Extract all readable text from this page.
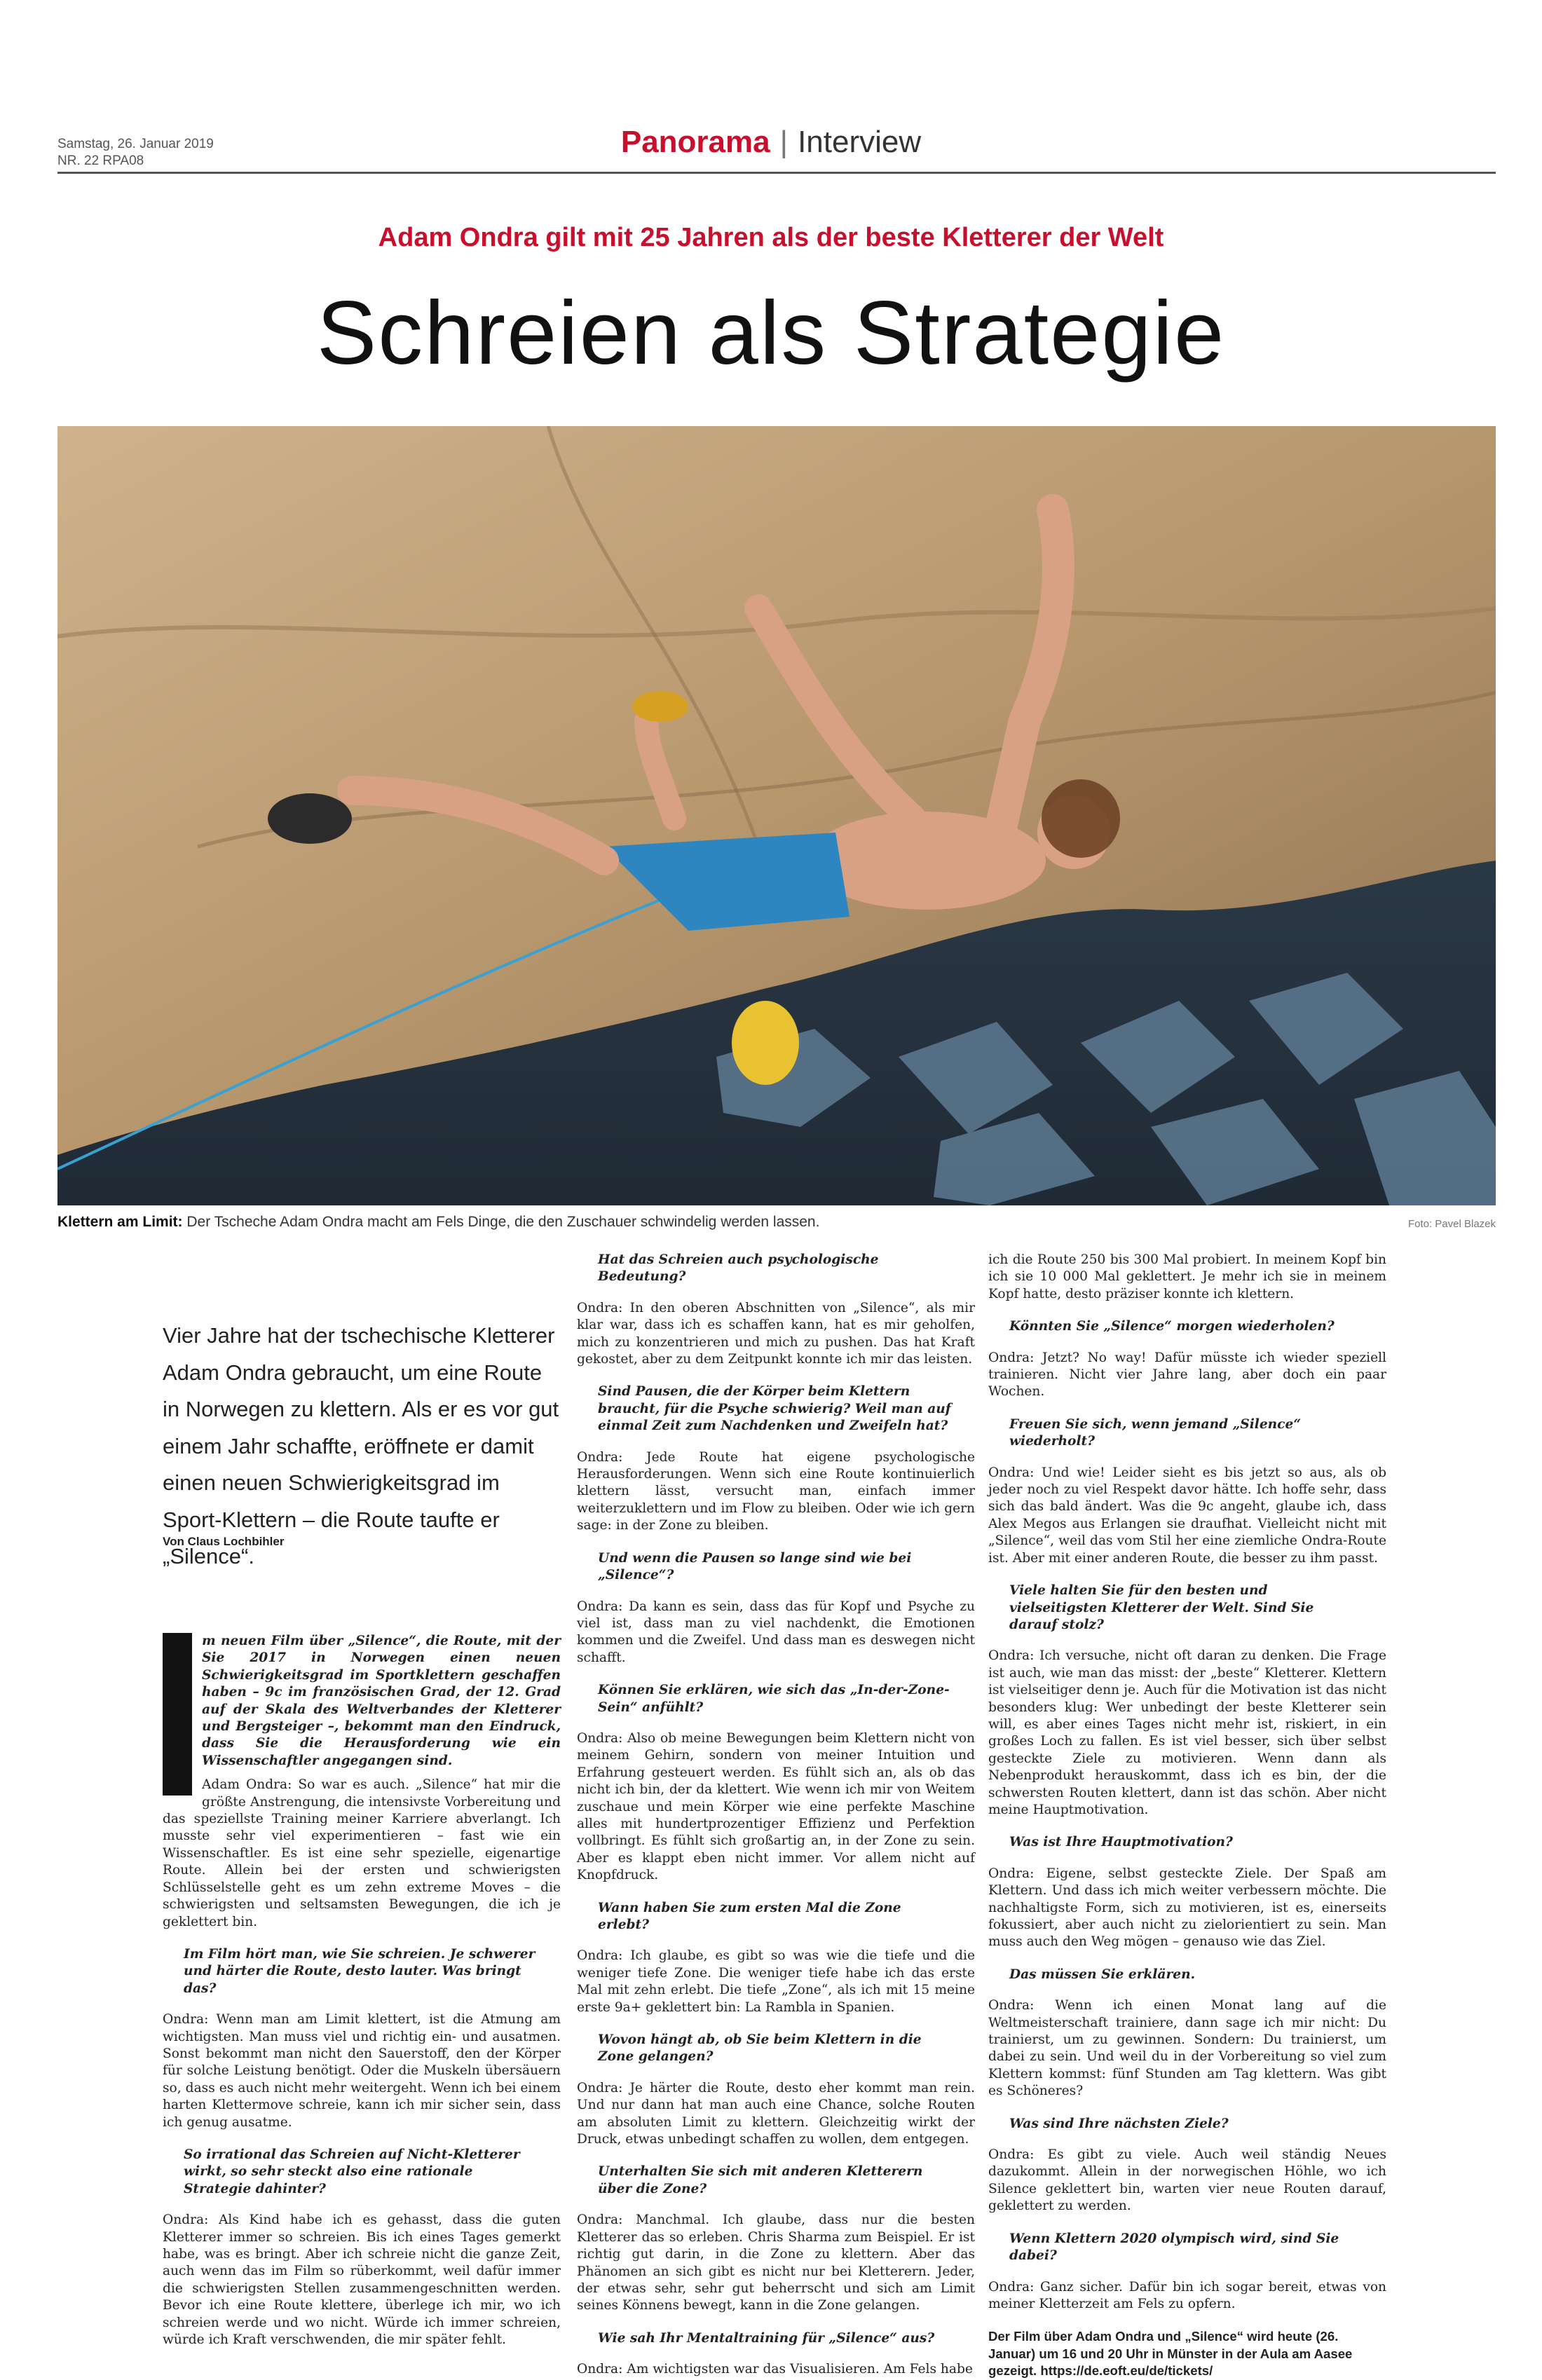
Samstag, 26. Januar 2019
NR. 22 RPA08
Panorama | Interview
Adam Ondra gilt mit 25 Jahren als der beste Kletterer der Welt
Schreien als Strategie
Klettern am Limit: Der Tscheche Adam Ondra macht am Fels Dinge, die den Zuschauer schwindelig werden lassen.	Foto: Pavel Blazek
Vier Jahre hat der tschechische Kletterer Adam Ondra gebraucht, um eine Route in Norwegen zu klettern. Als er es vor gut einem Jahr schaffte, eröffnete er damit einen neuen Schwierigkeitsgrad im Sport-Klettern – die Route taufte er „Silence“.
Von Claus Lochbihler

m neuen Film über „Silence“, die Route, mit der Sie 2017 in Norwegen einen neuen Schwierigkeitsgrad im Sportklettern geschaffen haben – 9c im französischen Grad, der 12. Grad auf der Skala des Weltverbandes der Kletterer und Bergsteiger –, bekommt man den Eindruck, dass Sie die Herausforderung wie ein Wissenschaftler angegangen sind.

Adam Ondra: So war es auch. „Silence“ hat mir die größte Anstrengung, die intensivste Vorbereitung und das speziellste Training meiner Karriere abverlangt. Ich musste sehr viel experimentieren – fast wie ein Wissenschaftler. Es ist eine sehr spezielle, eigenartige Route. Allein bei der ersten und schwierigsten Schlüsselstelle geht es um zehn extreme Moves – die schwierigsten und seltsamsten Bewegungen, die ich je geklettert bin.

Im Film hört man, wie Sie schreien. Je schwerer und härter die Route, desto lauter. Was bringt das?

Ondra: Wenn man am Limit klettert, ist die Atmung am wichtigsten. Man muss viel und richtig ein- und ausatmen. Sonst bekommt man nicht den Sauerstoff, den der Körper für solche Leistung benötigt. Oder die Muskeln übersäuern so, dass es auch nicht mehr weitergeht. Wenn ich bei einem harten Klettermove schreie, kann ich mir sicher sein, dass ich genug ausatme.

So irrational das Schreien auf Nicht-Kletterer wirkt, so sehr steckt also eine rationale Strategie dahinter?

Ondra: Als Kind habe ich es gehasst, dass die guten Kletterer immer so schreien. Bis ich eines Tages gemerkt habe, was es bringt. Aber ich schreie nicht die ganze Zeit, auch wenn das im Film so rüberkommt, weil dafür immer die schwierigsten Stellen zusammengeschnitten werden. Bevor ich eine Route klettere, überlege ich mir, wo ich schreien werde und wo nicht. Würde ich immer schreien, würde ich Kraft verschwenden, die mir später fehlt.

Hat das Schreien auch psychologische Bedeutung?

Ondra: In den oberen Abschnitten von „Silence“, als mir klar war, dass ich es schaffen kann, hat es mir geholfen, mich zu konzentrieren und mich zu pushen. Das hat Kraft gekostet, aber zu dem Zeitpunkt konnte ich mir das leisten.

Sind Pausen, die der Körper beim Klettern braucht, für die Psyche schwierig? Weil man auf einmal Zeit zum Nachdenken und Zweifeln hat?

Ondra: Jede Route hat eigene psychologische Herausforderungen. Wenn sich eine Route kontinuierlich klettern lässt, versucht man, einfach immer weiterzuklettern und im Flow zu bleiben. Oder wie ich gern sage: in der Zone zu bleiben.

Und wenn die Pausen so lange sind wie bei „Silence“?

Ondra: Da kann es sein, dass das für Kopf und Psyche zu viel ist, dass man zu viel nachdenkt, die Emotionen kommen und die Zweifel. Und dass man es deswegen nicht schafft.

Können Sie erklären, wie sich das „In-der-Zone-Sein“ anfühlt?

Ondra: Also ob meine Bewegungen beim Klettern nicht von meinem Gehirn, sondern von meiner Intuition und Erfahrung gesteuert werden. Es fühlt sich an, als ob das nicht ich bin, der da klettert. Wie wenn ich mir von Weitem zuschaue und mein Körper wie eine perfekte Maschine alles mit hundertprozentiger Effizienz und Perfektion vollbringt. Es fühlt sich großartig an, in der Zone zu sein. Aber es klappt eben nicht immer. Vor allem nicht auf Knopfdruck.

Wann haben Sie zum ersten Mal die Zone erlebt?

Ondra: Ich glaube, es gibt so was wie die tiefe und die weniger tiefe Zone. Die weniger tiefe habe ich das erste Mal mit zehn erlebt. Die tiefe „Zone“, als ich mit 15 meine erste 9a+ geklettert bin: La Rambla in Spanien.

Wovon hängt ab, ob Sie beim Klettern in die Zone gelangen?

Ondra: Je härter die Route, desto eher kommt man rein. Und nur dann hat man auch eine Chance, solche Routen am absoluten Limit zu klettern. Gleichzeitig wirkt der Druck, etwas unbedingt schaffen zu wollen, dem entgegen.

Unterhalten Sie sich mit anderen Kletterern über die Zone?

Ondra: Manchmal. Ich glaube, dass nur die besten Kletterer das so erleben. Chris Sharma zum Beispiel. Er ist richtig gut darin, in die Zone zu klettern. Aber das Phänomen an sich gibt es nicht nur bei Kletterern. Jeder, der etwas sehr, sehr gut beherrscht und sich am Limit seines Könnens bewegt, kann in die Zone gelangen.

Wie sah Ihr Mentaltraining für „Silence“ aus?

Ondra: Am wichtigsten war das Visualisieren. Am Fels habe

ich die Route 250 bis 300 Mal probiert. In meinem Kopf bin ich sie 10 000 Mal geklettert. Je mehr ich sie in meinem Kopf hatte, desto präziser konnte ich klettern.

Könnten Sie „Silence“ morgen wiederholen?

Ondra: Jetzt? No way! Dafür müsste ich wieder speziell trainieren. Nicht vier Jahre lang, aber doch ein paar Wochen.

Freuen Sie sich, wenn jemand „Silence“ wiederholt?

Ondra: Und wie! Leider sieht es bis jetzt so aus, als ob jeder noch zu viel Respekt davor hätte. Ich hoffe sehr, dass sich das bald ändert. Was die 9c angeht, glaube ich, dass Alex Megos aus Erlangen sie draufhat. Vielleicht nicht mit „Silence“, weil das vom Stil her eine ziemliche Ondra-Route ist. Aber mit einer anderen Route, die besser zu ihm passt.

Viele halten Sie für den besten und vielseitigsten Kletterer der Welt. Sind Sie darauf stolz?

Ondra: Ich versuche, nicht oft daran zu denken. Die Frage ist auch, wie man das misst: der „beste“ Kletterer. Klettern ist vielseitiger denn je. Auch für die Motivation ist das nicht besonders klug: Wer unbedingt der beste Kletterer sein will, es aber eines Tages nicht mehr ist, riskiert, in ein großes Loch zu fallen. Es ist viel besser, sich über selbst gesteckte Ziele zu motivieren. Wenn dann als Nebenprodukt herauskommt, dass ich es bin, der die schwersten Routen klettert, dann ist das schön. Aber nicht meine Hauptmotivation.

Was ist Ihre Hauptmotivation?

Ondra: Eigene, selbst gesteckte Ziele. Der Spaß am Klettern. Und dass ich mich weiter verbessern möchte. Die nachhaltigste Form, sich zu motivieren, ist es, einerseits fokussiert, aber auch nicht zu zielorientiert zu sein. Man muss auch den Weg mögen – genauso wie das Ziel.

Das müssen Sie erklären.

Ondra: Wenn ich einen Monat lang auf die Weltmeisterschaft trainiere, dann sage ich mir nicht: Du trainierst, um zu gewinnen. Sondern: Du trainierst, um dabei zu sein. Und weil du in der Vorbereitung so viel zum Klettern kommst: fünf Stunden am Tag klettern. Was gibt es Schöneres?

Was sind Ihre nächsten Ziele?

Ondra: Es gibt zu viele. Auch weil ständig Neues dazukommt. Allein in der norwegischen Höhle, wo ich Silence geklettert bin, warten vier neue Routen darauf, geklettert zu werden.

Wenn Klettern 2020 olympisch wird, sind Sie dabei?

Ondra: Ganz sicher. Dafür bin ich sogar bereit, etwas von meiner Kletterzeit am Fels zu opfern.

Der Film über Adam Ondra und „Silence“ wird heute (26. Januar) um 16 und 20 Uhr in Münster in der Aula am Aasee gezeigt. https://de.eoft.eu/de/tickets/
